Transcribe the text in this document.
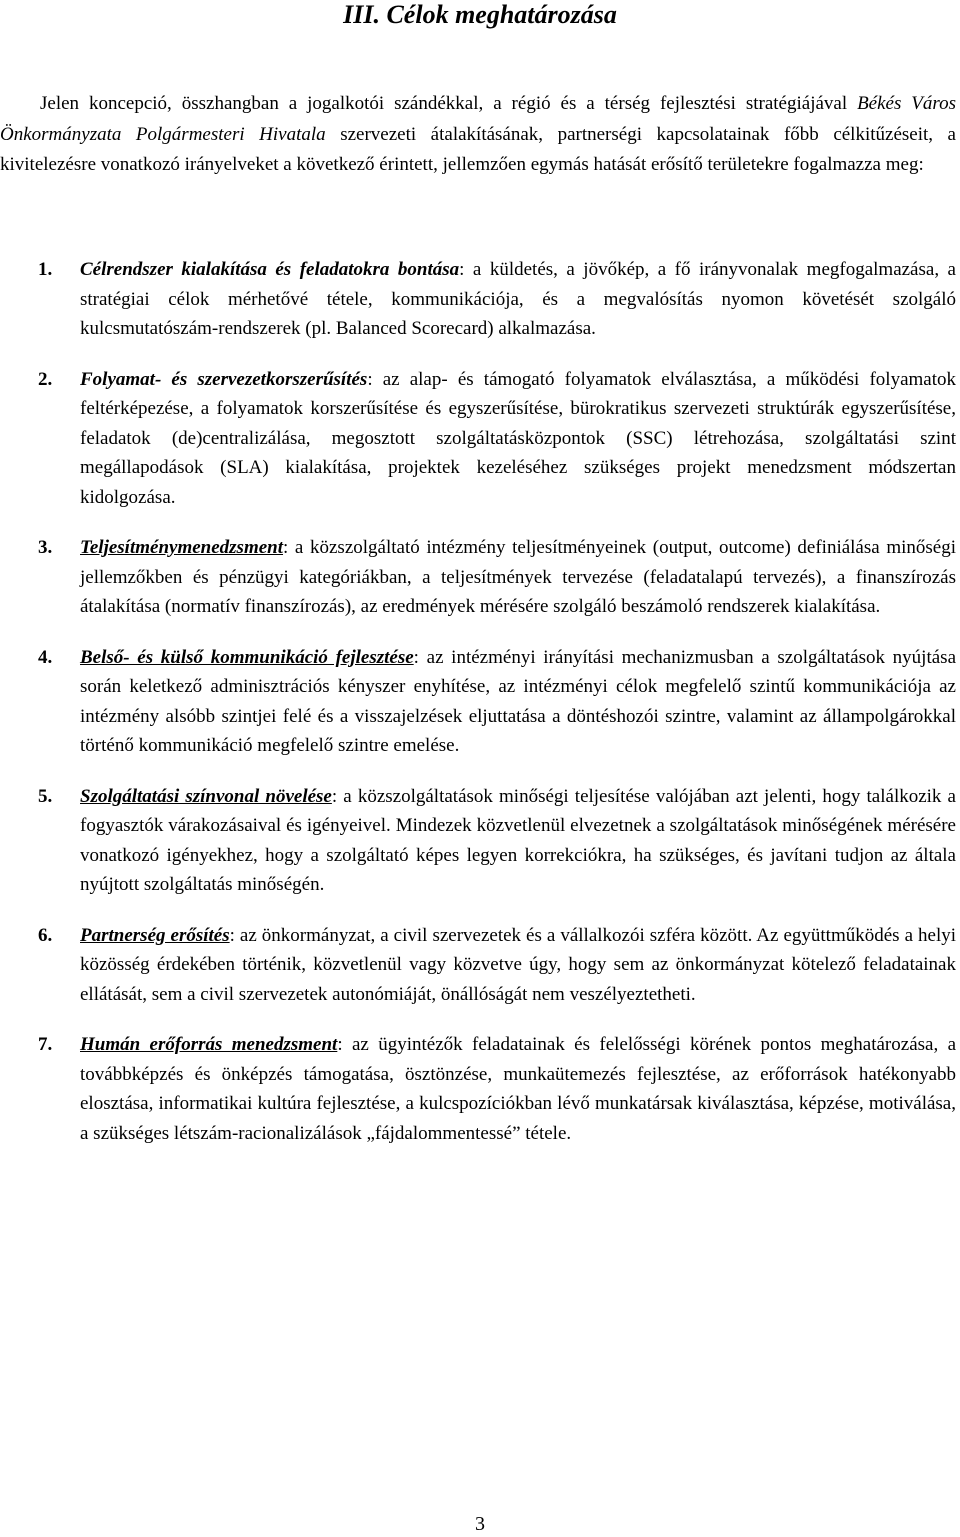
III. Célok meghatározása

Jelen koncepció, összhangban a jogalkotói szándékkal, a régió és a térség fejlesztési stratégiájával Békés Város Önkormányzata Polgármesteri Hivatala szervezeti átalakításának, partnerségi kapcsolatainak főbb célkitűzéseit, a kivitelezésre vonatkozó irányelveket a következő érintett, jellemzően egymás hatását erősítő területekre fogalmazza meg:

1. Célrendszer kialakítása és feladatokra bontása: a küldetés, a jövőkép, a fő irányvonalak megfogalmazása, a stratégiai célok mérhetővé tétele, kommunikációja, és a megvalósítás nyomon követését szolgáló kulcsmutatószám-rendszerek (pl. Balanced Scorecard) alkalmazása.
2. Folyamat- és szervezetkorszerűsítés: az alap- és támogató folyamatok elválasztása, a működési folyamatok feltérképezése, a folyamatok korszerűsítése és egyszerűsítése, bürokratikus szervezeti struktúrák egyszerűsítése, feladatok (de)centralizálása, megosztott szolgáltatásközpontok (SSC) létrehozása, szolgáltatási szint megállapodások (SLA) kialakítása, projektek kezeléséhez szükséges projekt menedzsment módszertan kidolgozása.
3. Teljesítménymenedzsment: a közszolgáltató intézmény teljesítményeinek (output, outcome) definiálása minőségi jellemzőkben és pénzügyi kategóriákban, a teljesítmények tervezése (feladatalapú tervezés), a finanszírozás átalakítása (normatív finanszírozás), az eredmények mérésére szolgáló beszámoló rendszerek kialakítása.
4. Belső- és külső kommunikáció fejlesztése: az intézményi irányítási mechanizmusban a szolgáltatások nyújtása során keletkező adminisztrációs kényszer enyhítése, az intézményi célok megfelelő szintű kommunikációja az intézmény alsóbb szintjei felé és a visszajelzések eljuttatása a döntéshozói szintre, valamint az állampolgárokkal történő kommunikáció megfelelő szintre emelése.
5. Szolgáltatási színvonal növelése: a közszolgáltatások minőségi teljesítése valójában azt jelenti, hogy találkozik a fogyasztók várakozásaival és igényeivel. Mindezek közvetlenül elvezetnek a szolgáltatások minőségének mérésére vonatkozó igényekhez, hogy a szolgáltató képes legyen korrekciókra, ha szükséges, és javítani tudjon az általa nyújtott szolgáltatás minőségén.
6. Partnerség erősítés: az önkormányzat, a civil szervezetek és a vállalkozói szféra között. Az együttműködés a helyi közösség érdekében történik, közvetlenül vagy közvetve úgy, hogy sem az önkormányzat kötelező feladatainak ellátását, sem a civil szervezetek autonómiáját, önállóságát nem veszélyeztetheti.
7. Humán erőforrás menedzsment: az ügyintézők feladatainak és felelősségi körének pontos meghatározása, a továbbképzés és önképzés támogatása, ösztönzése, munkaütemezés fejlesztése, az erőforrások hatékonyabb elosztása, informatikai kultúra fejlesztése, a kulcspozíciókban lévő munkatársak kiválasztása, képzése, motiválása, a szükséges létszám-racionalizálások „fájdalommentessé” tétele.
3
